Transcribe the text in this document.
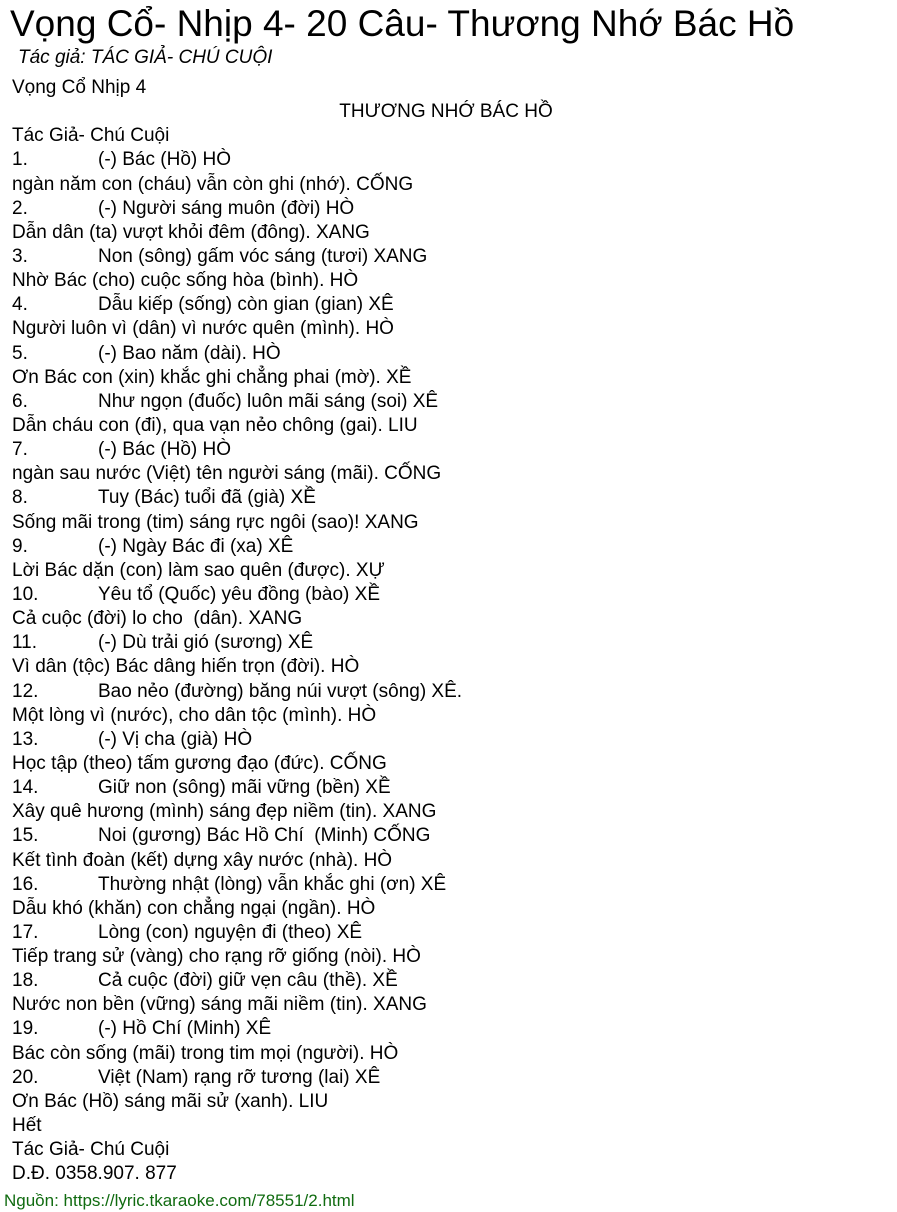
Vọng Cổ- Nhịp 4- 20 Câu- Thương Nhớ Bác Hồ
Tác giả: TÁC GIẢ- CHÚ CUỘI
Vọng Cổ Nhịp 4
THƯƠNG NHỚ BÁC HỒ
Tác Giả- Chú Cuội
1.	(-) Bác (Hồ) HÒ
ngàn năm con (cháu) vẫn còn ghi (nhớ). CỐNG
2.	(-) Người sáng muôn (đời) HÒ
Dẫn dân (ta) vượt khỏi đêm (đông). XANG
3.	Non (sông) gấm vóc sáng (tươi) XANG
Nhờ Bác (cho) cuộc sống hòa (bình). HÒ
4.	Dẫu kiếp (sống) còn gian (gian) XÊ
Người luôn vì (dân) vì nước quên (mình). HÒ
5.	(-) Bao năm (dài). HÒ
Ơn Bác con (xin) khắc ghi chẳng phai (mờ). XỀ
6.	Như ngọn (đuốc) luôn mãi sáng (soi) XÊ
Dẫn cháu con (đi), qua vạn nẻo chông (gai). LIU
7.	(-) Bác (Hồ) HÒ
ngàn sau nước (Việt) tên người sáng (mãi). CỐNG
8.	Tuy (Bác) tuổi đã (già) XỀ
Sống mãi trong (tim) sáng rực ngôi (sao)! XANG
9.	(-) Ngày Bác đi (xa) XÊ
Lời Bác dặn (con) làm sao quên (được). XỰ
10.	Yêu tổ (Quốc) yêu đồng (bào) XỀ
Cả cuộc (đời) lo cho  (dân). XANG
11.	(-) Dù trải gió (sương) XÊ
Vì dân (tộc) Bác dâng hiến trọn (đời). HÒ
12.	Bao nẻo (đường) băng núi vượt (sông) XÊ.
Một lòng vì (nước), cho dân tộc (mình). HÒ
13.	(-) Vị cha (già) HÒ
Học tập (theo) tấm gương đạo (đức). CỐNG
14.	Giữ non (sông) mãi vững (bền) XỀ
Xây quê hương (mình) sáng đẹp niềm (tin). XANG
15.	Noi (gương) Bác Hồ Chí  (Minh) CỐNG
Kết tình đoàn (kết) dựng xây nước (nhà). HÒ
16.	Thường nhật (lòng) vẫn khắc ghi (ơn) XÊ
Dẫu khó (khăn) con chẳng ngại (ngần). HÒ
17.	Lòng (con) nguyện đi (theo) XÊ
Tiếp trang sử (vàng) cho rạng rỡ giống (nòi). HÒ
18.	Cả cuộc (đời) giữ vẹn câu (thề). XỀ
Nước non bền (vững) sáng mãi niềm (tin). XANG
19.	(-) Hồ Chí (Minh) XÊ
Bác còn sống (mãi) trong tim mọi (người). HÒ
20.	Việt (Nam) rạng rỡ tương (lai) XÊ
Ơn Bác (Hồ) sáng mãi sử (xanh). LIU
Hết
Tác Giả- Chú Cuội
D.Đ. 0358.907. 877
Nguồn: https://lyric.tkaraoke.com/78551/2.html
